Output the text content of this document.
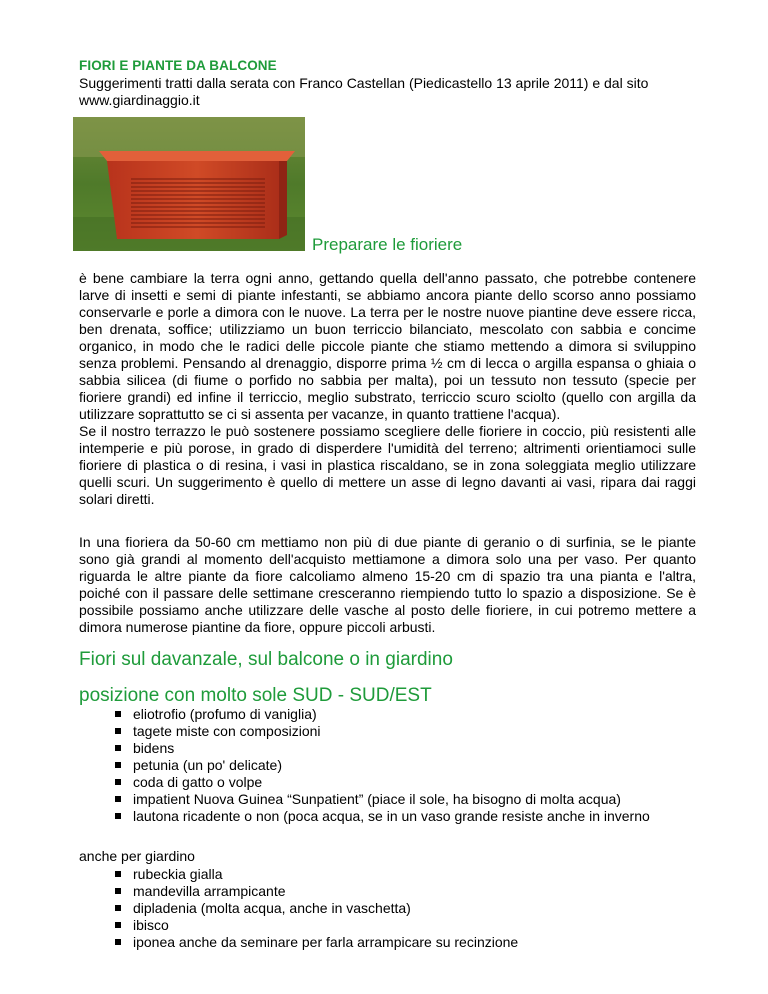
FIORI E PIANTE DA BALCONE

Suggerimenti tratti dalla serata con Franco Castellan (Piedicastello 13 aprile 2011) e dal sito www.giardinaggio.it

Preparare le fioriere
è bene cambiare la terra ogni anno, gettando quella dell'anno passato, che potrebbe contenere larve di insetti e semi di piante infestanti, se abbiamo ancora piante dello scorso anno possiamo conservarle e porle a dimora con le nuove. La terra per le nostre nuove piantine deve essere ricca, ben drenata, soffice; utilizziamo un buon terriccio bilanciato, mescolato con sabbia e concime organico, in modo che le radici delle piccole piante che stiamo mettendo a dimora si sviluppino senza problemi. Pensando al drenaggio, disporre prima ½ cm di lecca o argilla espansa o ghiaia o sabbia silicea (di fiume o porfido no sabbia per malta), poi un tessuto non tessuto (specie per fioriere grandi) ed infine il terriccio, meglio substrato, terriccio scuro sciolto (quello con argilla da utilizzare soprattutto se ci si assenta per vacanze, in quanto trattiene l'acqua).
Se il nostro terrazzo le può sostenere possiamo scegliere delle fioriere in coccio, più resistenti alle intemperie e più porose, in grado di disperdere l'umidità del terreno; altrimenti orientiamoci sulle fioriere di plastica o di resina, i vasi in plastica riscaldano, se in zona soleggiata meglio utilizzare quelli scuri. Un suggerimento è quello di mettere un asse di legno davanti ai vasi, ripara dai raggi solari diretti.

In una fioriera da 50-60 cm mettiamo non più di due piante di geranio o di surfinia, se le piante sono già grandi al momento dell'acquisto mettiamone a dimora solo una per vaso. Per quanto riguarda le altre piante da fiore calcoliamo almeno 15-20 cm di spazio tra una pianta e l'altra, poiché con il passare delle settimane cresceranno riempiendo tutto lo spazio a disposizione. Se è possibile possiamo anche utilizzare delle vasche al posto delle fioriere, in cui potremo mettere a dimora numerose piantine da fiore, oppure piccoli arbusti.

Fiori sul davanzale, sul balcone o in giardino
posizione con molto sole SUD - SUD/EST
eliotrofio (profumo di vaniglia)
tagete miste con composizioni
bidens
petunia (un po' delicate)
coda di gatto o volpe
impatient Nuova Guinea “Sunpatient” (piace il sole, ha bisogno di molta acqua)
lautona ricadente o non (poca acqua, se in un vaso grande resiste anche in inverno

anche per giardino

rubeckia gialla
mandevilla arrampicante
dipladenia (molta acqua, anche in vaschetta)
ibisco
iponea anche da seminare per farla arrampicare su recinzione
